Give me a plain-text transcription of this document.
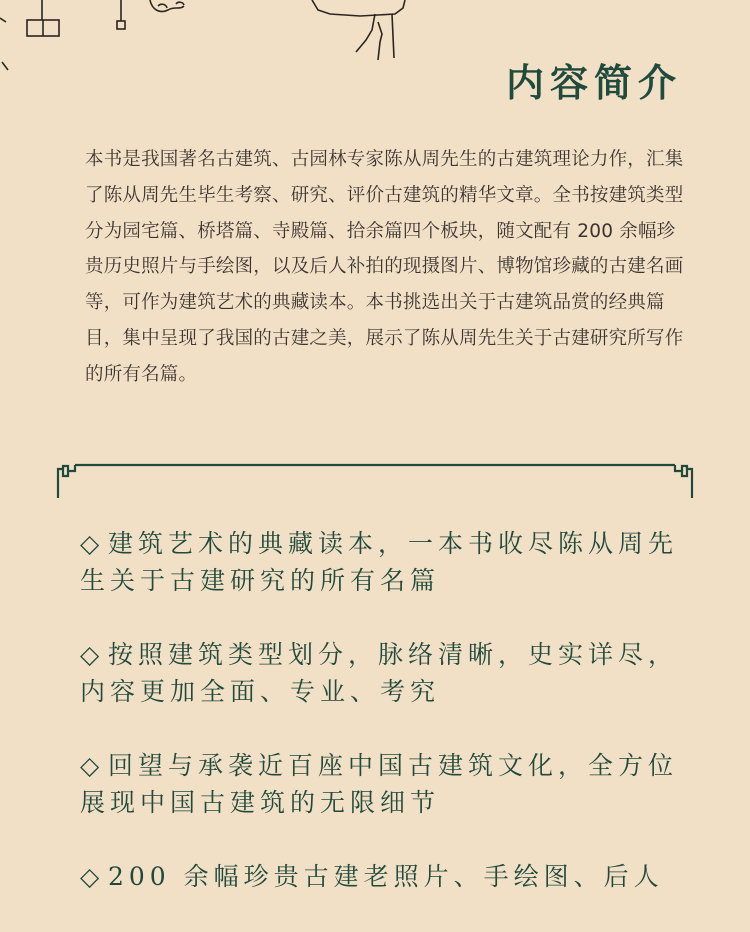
内容简介

本书是我国著名古建筑、古园林专家陈从周先生的古建筑理论力作，汇集了陈从周先生毕生考察、研究、评价古建筑的精华文章。全书按建筑类型分为园宅篇、桥塔篇、寺殿篇、拾余篇四个板块，随文配有 200 余幅珍贵历史照片与手绘图，以及后人补拍的现摄图片、博物馆珍藏的古建名画等，可作为建筑艺术的典藏读本。本书挑选出关于古建筑品赏的经典篇目，集中呈现了我国的古建之美，展示了陈从周先生关于古建研究所写作的所有名篇。

◇ 建筑艺术的典藏读本，一本书收尽陈从周先生关于古建研究的所有名篇
◇ 按照建筑类型划分，脉络清晰，史实详尽，内容更加全面、专业、考究
◇ 回望与承袭近百座中国古建筑文化，全方位展现中国古建筑的无限细节
◇ 200 余幅珍贵古建老照片、手绘图、后人
